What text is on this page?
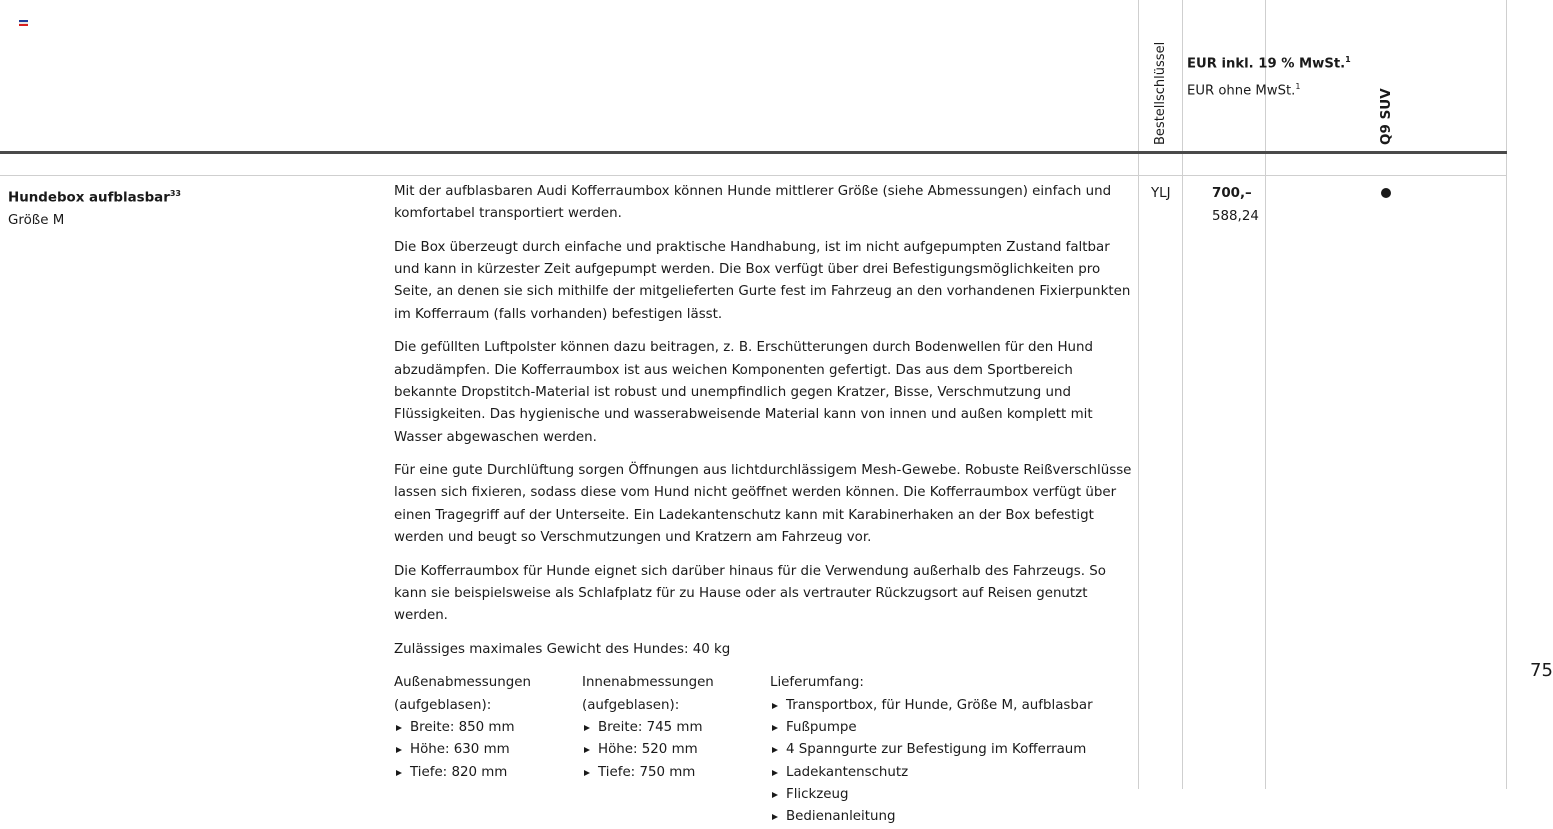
Bestellschlüssel EUR inkl. 19 % MwSt.$^1$
EUR ohne MwSt.$^1$
Q9 SUV
Hundebox aufblasbar$^{33}$
Größe M

Mit der aufblasbaren Audi Kofferraumbox können Hunde mittlerer Größe (siehe Abmessungen) einfach und komfortabel transportiert werden.

Die Box überzeugt durch einfache und praktische Handhabung, ist im nicht aufgepumpten Zustand faltbar und kann in kürzester Zeit aufgepumpt werden. Die Box verfügt über drei Befestigungsmöglichkeiten pro Seite, an denen sie sich mithilfe der mitgelieferten Gurte fest im Fahrzeug an den vorhandenen Fixierpunkten im Kofferraum (falls vorhanden) befestigen lässt.

Die gefüllten Luftpolster können dazu beitragen, z. B. Erschütterungen durch Bodenwellen für den Hund abzudämpfen. Die Kofferraumbox ist aus weichen Komponenten gefertigt. Das aus dem Sportbereich bekannte Dropstitch-Material ist robust und unempfindlich gegen Kratzer, Bisse, Verschmutzung und Flüssigkeiten. Das hygienische und wasserabweisende Material kann von innen und außen komplett mit Wasser abgewaschen werden.

Für eine gute Durchlüftung sorgen Öffnungen aus lichtdurchlässigem Mesh-Gewebe. Robuste Reißverschlüsse lassen sich fixieren, sodass diese vom Hund nicht geöffnet werden können. Die Kofferraumbox verfügt über einen Tragegriff auf der Unterseite. Ein Ladekantenschutz kann mit Karabinerhaken an der Box befestigt werden und beugt so Verschmutzungen und Kratzern am Fahrzeug vor.

Die Kofferraumbox für Hunde eignet sich darüber hinaus für die Verwendung außerhalb des Fahrzeugs. So kann sie beispielsweise als Schlafplatz für zu Hause oder als vertrauter Rückzugsort auf Reisen genutzt werden.

Zulässiges maximales Gewicht des Hundes: 40 kg

Außenabmessungen
(aufgeblasen):
Breite: 850 mm
Höhe: 630 mm
Tiefe: 820 mm
Innenabmessungen
(aufgeblasen):
Breite: 745 mm
Höhe: 520 mm
Tiefe: 750 mm
Lieferumfang:
Transportbox, für Hunde, Größe M, aufblasbar
Fußpumpe
4 Spanngurte zur Befestigung im Kofferraum
Ladekantenschutz
Flickzeug
Bedienanleitung
YLJ	700,–
588,24
75
